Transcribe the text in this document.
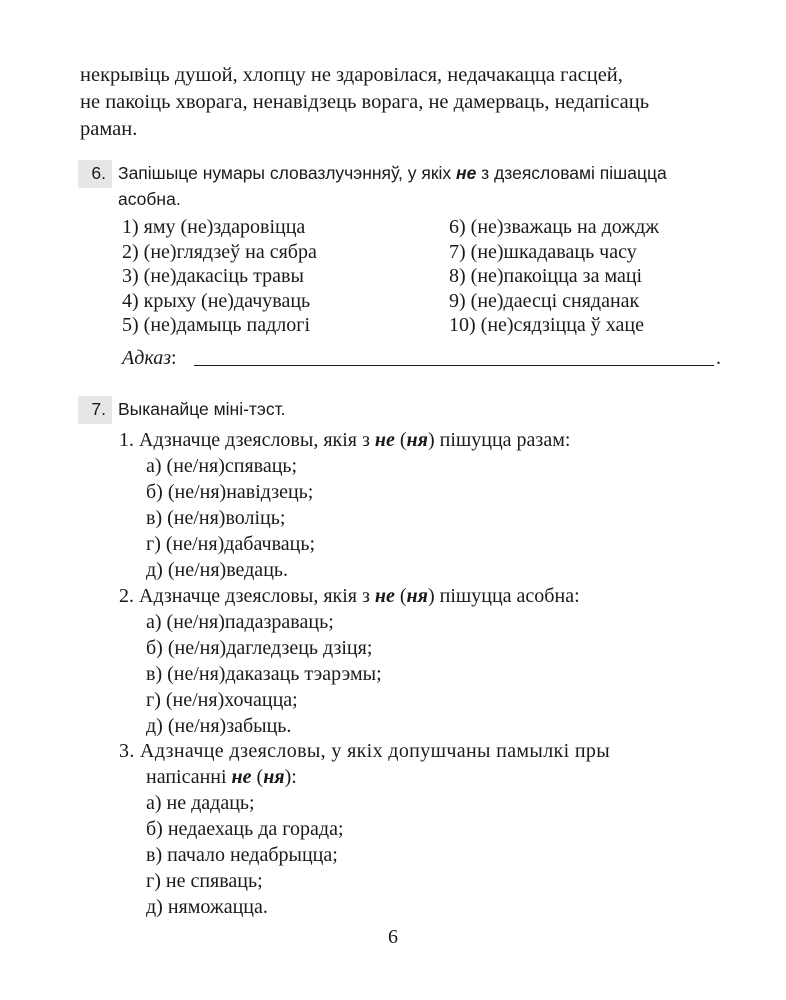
некрывіць душой, хлопцу не здаровілася, недачакацца гасцей,

не пакоіць хворага, ненавідзець ворага, не дамерваць, недапісаць

раман.

6. Запішыце нумары словазлучэнняў, у якіх не з дзеясловамі пішацца

асобна.

1) яму (не)здаровіцца
2) (не)глядзеў на сябра
3) (не)дакасіць травы
4) крыху (не)дачуваць
5) (не)дамыць падлогі
6) (не)зважаць на дождж
7) (не)шкадаваць часу
8) (не)пакоіцца за маці
9) (не)даесці сняданак
10) (не)сядзіцца ў хаце
Адказ:	.
7. Выканайце міні-тэст.

1. Адзначце дзеясловы, якія з не (ня) пішуцца разам:
а) (не/ня)спяваць;
б) (не/ня)навідзець;
в) (не/ня)воліць;
г) (не/ня)дабачваць;
д) (не/ня)ведаць.
2. Адзначце дзеясловы, якія з не (ня) пішуцца асобна:
а) (не/ня)падазраваць;
б) (не/ня)дагледзець дзіця;
в) (не/ня)даказаць тэарэмы;
г) (не/ня)хочацца;
д) (не/ня)забыць.
3. Адзначце дзеясловы, у якіх допушчаны памылкі пры
напісанні не (ня):
а) не дадаць;
б) недаехаць да горада;
в) пачало недабрыцца;
г) не спяваць;
д) няможацца.
6
